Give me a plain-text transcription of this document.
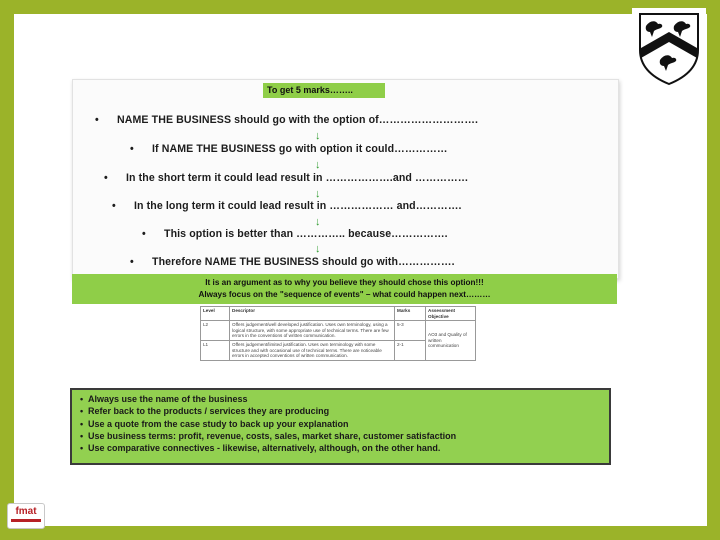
To get 5 marks……..
• NAME THE BUSINESS should go with the option of……………………….
↓
• If NAME THE BUSINESS go with option it could……………
↓
• In the short term it could lead result in ……………….and ……………
↓
• In the long term it could lead result in ……………… and………….
↓
• This option is better than ………….. because…………….
↓
• Therefore NAME THE BUSINESS should go with…………….
It is an argument as to why you believe they should chose this option!!!
Always focus on the "sequence of events" – what could happen next………
Level	Descriptor	Marks	Assessment Objective
L2	Offers judgement/well developed justification. Uses own terminology, using a logical structure, with some appropriate use of technical terms. There are few errors in the conventions of written communication.	5-3	AO3 and Quality of written communication
L1	Offers judgement/limited justification. Uses own terminology with some structure and with occasional use of technical terms. There are noticeable errors in accepted conventions of written communication.	2-1	
• Always use the name of the business
• Refer back to the products / services they are producing
• Use a quote from the case study to back up your explanation
• Use business terms: profit, revenue, costs, sales, market share, customer satisfaction
• Use comparative connectives - likewise, alternatively, although, on the other hand.
fmat
